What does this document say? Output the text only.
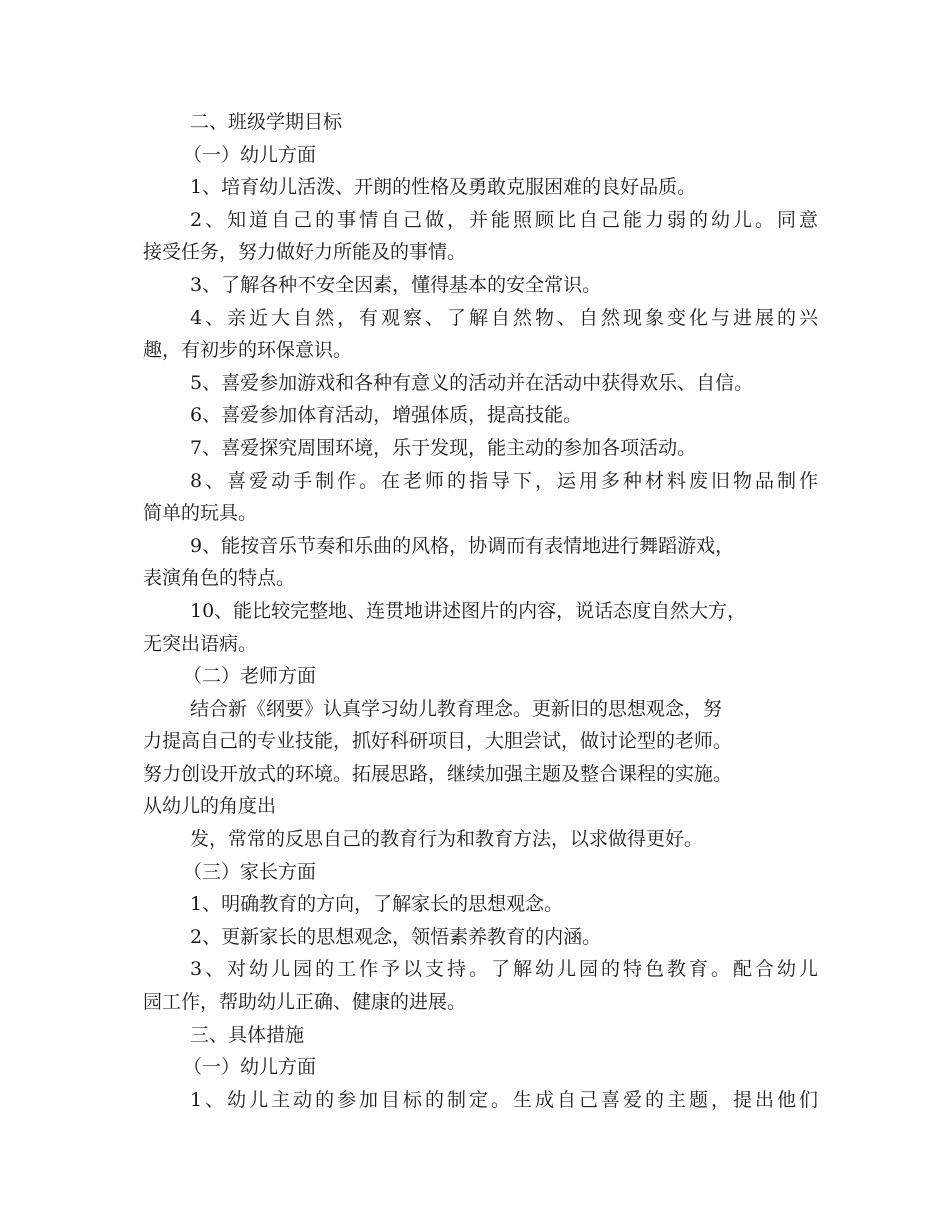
二、班级学期目标
（一）幼儿方面
1、培育幼儿活泼、开朗的性格及勇敢克服困难的良好品质。
2、知道自己的事情自己做，并能照顾比自己能力弱的幼儿。同意
接受任务，努力做好力所能及的事情。
3、了解各种不安全因素，懂得基本的安全常识。
4、亲近大自然，有观察、了解自然物、自然现象变化与进展的兴
趣，有初步的环保意识。
5、喜爱参加游戏和各种有意义的活动并在活动中获得欢乐、自信。
6、喜爱参加体育活动，增强体质，提高技能。
7、喜爱探究周围环境，乐于发现，能主动的参加各项活动。
8、喜爱动手制作。在老师的指导下，运用多种材料废旧物品制作
简单的玩具。
9、能按音乐节奏和乐曲的风格，协调而有表情地进行舞蹈游戏，
表演角色的特点。
10、能比较完整地、连贯地讲述图片的内容，说话态度自然大方，
无突出语病。
（二）老师方面
结合新《纲要》认真学习幼儿教育理念。更新旧的思想观念，努
力提高自己的专业技能，抓好科研项目，大胆尝试，做讨论型的老师。
努力创设开放式的环境。拓展思路，继续加强主题及整合课程的实施。
从幼儿的角度出
发，常常的反思自己的教育行为和教育方法，以求做得更好。
（三）家长方面
1、明确教育的方向，了解家长的思想观念。
2、更新家长的思想观念，领悟素养教育的内涵。
3、对幼儿园的工作予以支持。了解幼儿园的特色教育。配合幼儿
园工作，帮助幼儿正确、健康的进展。
三、具体措施
（一）幼儿方面
1、幼儿主动的参加目标的制定。生成自己喜爱的主题，提出他们
